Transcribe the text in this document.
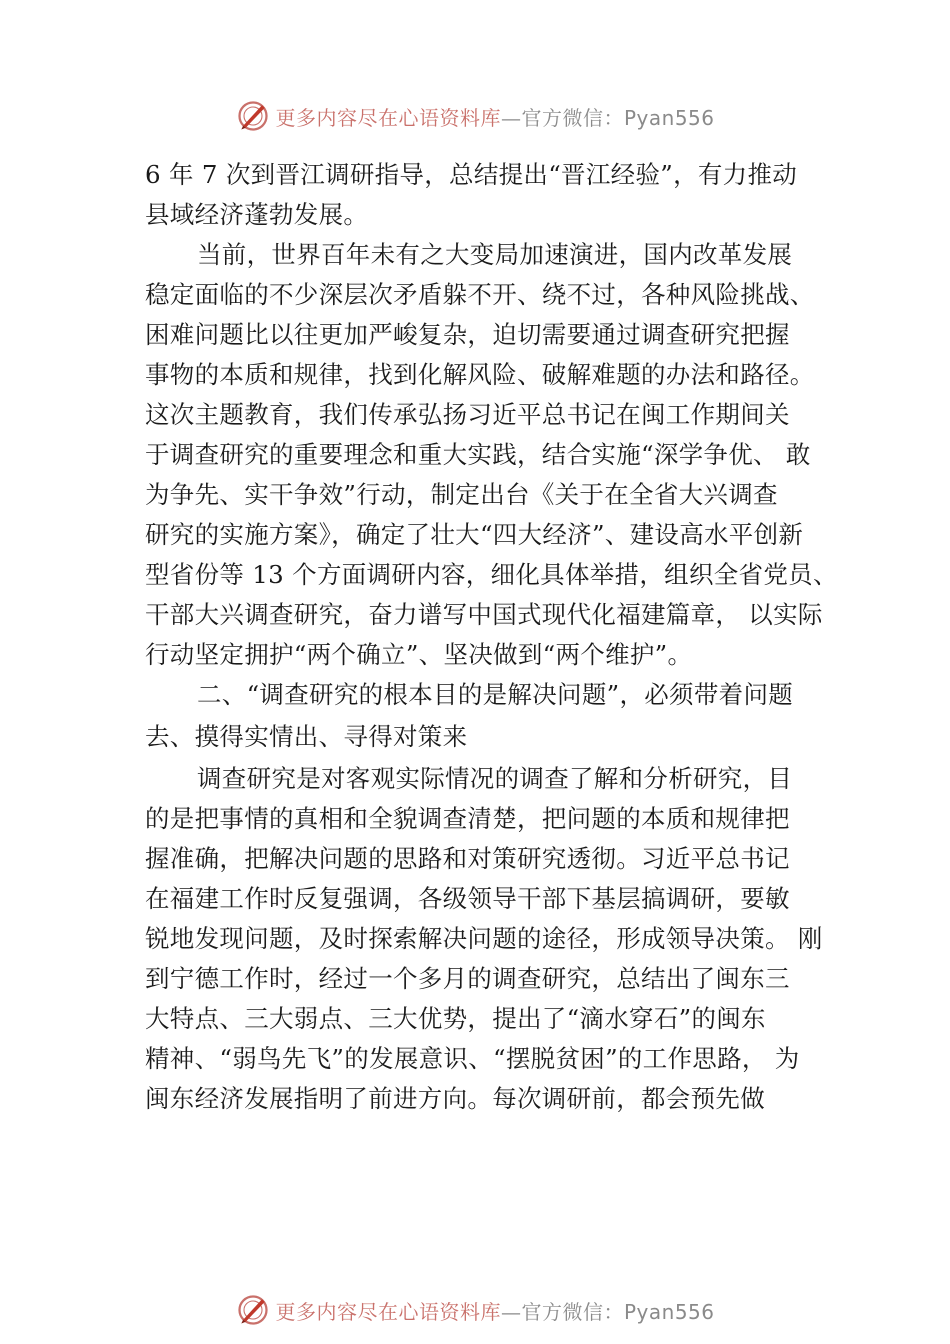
更多内容尽在心语资料库—官方微信：Pyan556
6 年 7 次到晋江调研指导，总结提出“晋江经验”，有力推动
县域经济蓬勃发展。
当前，世界百年未有之大变局加速演进，国内改革发展
稳定面临的不少深层次矛盾躲不开、绕不过，各种风险挑战、
困难问题比以往更加严峻复杂，迫切需要通过调查研究把握
事物的本质和规律，找到化解风险、破解难题的办法和路径。
这次主题教育，我们传承弘扬习近平总书记在闽工作期间关
于调查研究的重要理念和重大实践，结合实施“深学争优、 敢
为争先、实干争效”行动，制定出台《关于在全省大兴调查
研究的实施方案》，确定了壮大“四大经济”、建设高水平创新
型省份等 13 个方面调研内容，细化具体举措，组织全省党员、
干部大兴调查研究，奋力谱写中国式现代化福建篇章， 以实际
行动坚定拥护“两个确立”、坚决做到“两个维护”。
二、“调查研究的根本目的是解决问题”，必须带着问题
去、摸得实情出、寻得对策来
调查研究是对客观实际情况的调查了解和分析研究，目
的是把事情的真相和全貌调查清楚，把问题的本质和规律把
握准确，把解决问题的思路和对策研究透彻。习近平总书记
在福建工作时反复强调，各级领导干部下基层搞调研，要敏
锐地发现问题，及时探索解决问题的途径，形成领导决策。 刚
到宁德工作时，经过一个多月的调查研究，总结出了闽东三
大特点、三大弱点、三大优势，提出了“滴水穿石”的闽东
精神、“弱鸟先飞”的发展意识、“摆脱贫困”的工作思路， 为
闽东经济发展指明了前进方向。每次调研前，都会预先做
更多内容尽在心语资料库—官方微信：Pyan556
